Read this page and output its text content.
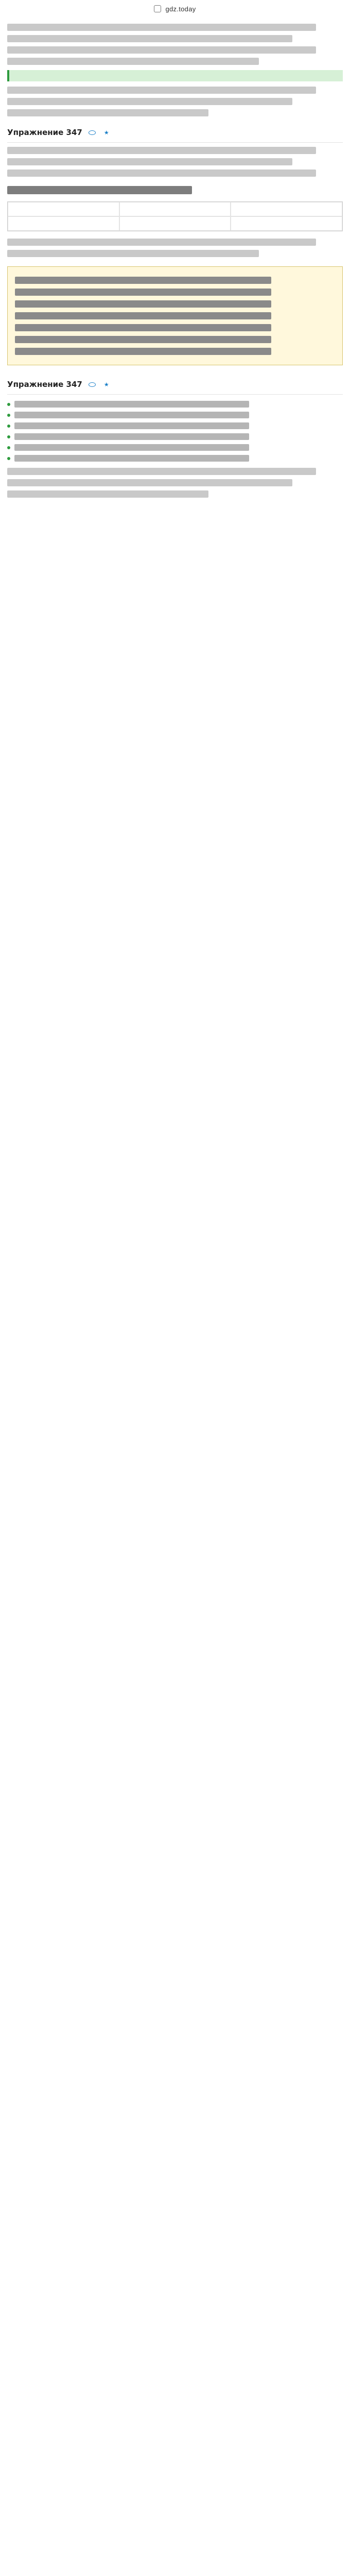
gdz.today
Упражнение 347	★
Упражнение 347	★
